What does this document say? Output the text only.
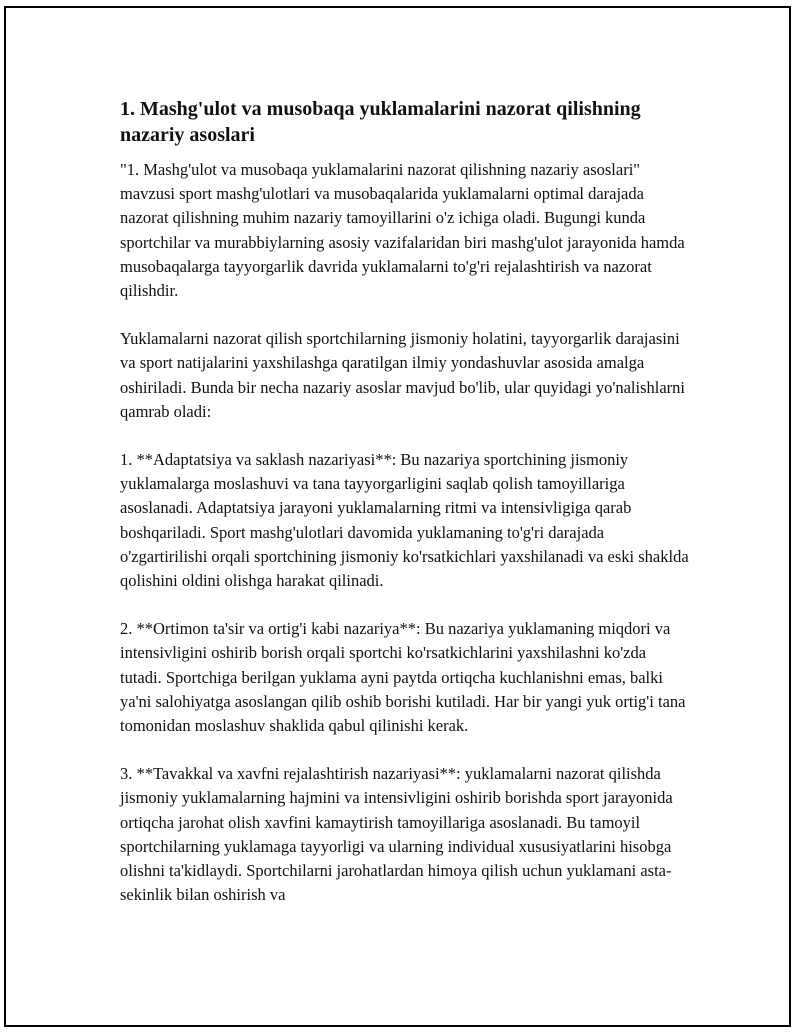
1. Mashg'ulot va musobaqa yuklamalarini nazorat qilishning nazariy asoslari

"1. Mashg'ulot va musobaqa yuklamalarini nazorat qilishning nazariy asoslari" mavzusi sport mashg'ulotlari va musobaqalarida yuklamalarni optimal darajada nazorat qilishning muhim nazariy tamoyillarini o'z ichiga oladi. Bugungi kunda sportchilar va murabbiylarning asosiy vazifalaridan biri mashg'ulot jarayonida hamda musobaqalarga tayyorgarlik davrida yuklamalarni to'g'ri rejalashtirish va nazorat qilishdir.

Yuklamalarni nazorat qilish sportchilarning jismoniy holatini, tayyorgarlik darajasini va sport natijalarini yaxshilashga qaratilgan ilmiy yondashuvlar asosida amalga oshiriladi. Bunda bir necha nazariy asoslar mavjud bo'lib, ular quyidagi yo'nalishlarni qamrab oladi:

1. **Adaptatsiya va saklash nazariyasi**: Bu nazariya sportchining jismoniy yuklamalarga moslashuvi va tana tayyorgarligini saqlab qolish tamoyillariga asoslanadi. Adaptatsiya jarayoni yuklamalarning ritmi va intensivligiga qarab boshqariladi. Sport mashg'ulotlari davomida yuklamaning to'g'ri darajada o'zgartirilishi orqali sportchining jismoniy ko'rsatkichlari yaxshilanadi va eski shaklda qolishini oldini olishga harakat qilinadi.

2. **Ortimon ta'sir va ortig'i kabi nazariya**: Bu nazariya yuklamaning miqdori va intensivligini oshirib borish orqali sportchi ko'rsatkichlarini yaxshilashni ko'zda tutadi. Sportchiga berilgan yuklama ayni paytda ortiqcha kuchlanishni emas, balki ya'ni salohiyatga asoslangan qilib oshib borishi kutiladi. Har bir yangi yuk ortig'i tana tomonidan moslashuv shaklida qabul qilinishi kerak.

3. **Tavakkal va xavfni rejalashtirish nazariyasi**: yuklamalarni nazorat qilishda jismoniy yuklamalarning hajmini va intensivligini oshirib borishda sport jarayonida ortiqcha jarohat olish xavfini kamaytirish tamoyillariga asoslanadi. Bu tamoyil sportchilarning yuklamaga tayyorligi va ularning individual xususiyatlarini hisobga olishni ta'kidlaydi. Sportchilarni jarohatlardan himoya qilish uchun yuklamani asta-sekinlik bilan oshirish va
